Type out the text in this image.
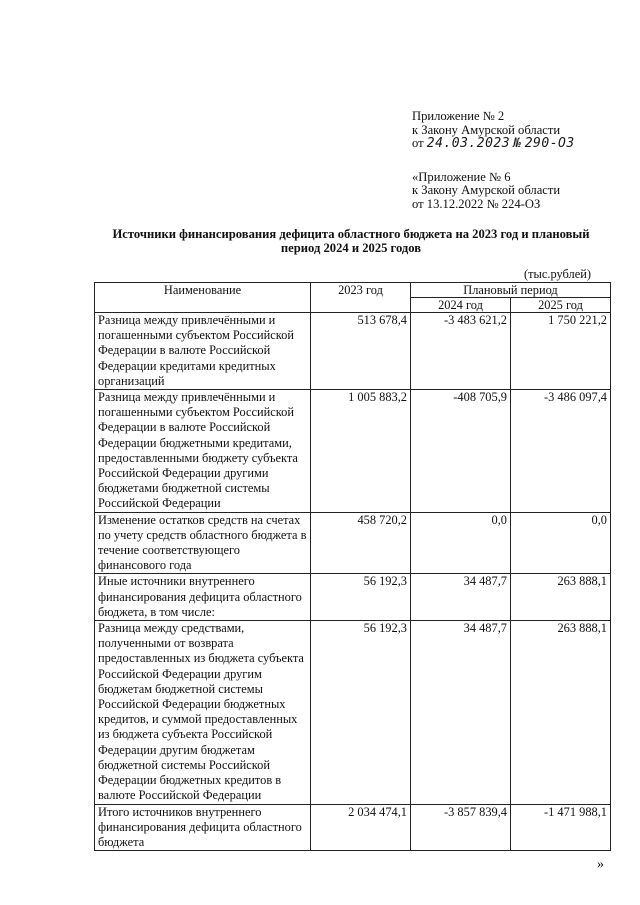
Приложение № 2
к Закону Амурской области
от 24.03.2023 № 290-ОЗ
«Приложение № 6
к Закону Амурской области
от 13.12.2022 № 224-ОЗ
Источники финансирования дефицита областного бюджета на 2023 год и плановый период 2024 и 2025 годов
(тыс.рублей)
Наименование	2023 год	Плановый период	
		2024 год	2025 год
Разница между привлечёнными и погашенными субъектом Российской Федерации в валюте Российской Федерации кредитами кредитных организаций	513 678,4	-3 483 621,2	1 750 221,2
Разница между привлечёнными и погашенными субъектом Российской Федерации в валюте Российской Федерации бюджетными кредитами, предоставленными бюджету субъекта Российской Федерации другими бюджетами бюджетной системы Российской Федерации	1 005 883,2	-408 705,9	-3 486 097,4
Изменение остатков средств на счетах по учету средств областного бюджета в течение соответствующего финансового года	458 720,2	0,0	0,0
Иные источники внутреннего финансирования дефицита областного бюджета, в том числе:	56 192,3	34 487,7	263 888,1
Разница между средствами, полученными от возврата предоставленных из бюджета субъекта Российской Федерации другим бюджетам бюджетной системы Российской Федерации бюджетных кредитов, и суммой предоставленных из бюджета субъекта Российской Федерации другим бюджетам бюджетной системы Российской Федерации бюджетных кредитов в валюте Российской Федерации	56 192,3	34 487,7	263 888,1
Итого источников внутреннего финансирования дефицита областного бюджета	2 034 474,1	-3 857 839,4	-1 471 988,1
»
